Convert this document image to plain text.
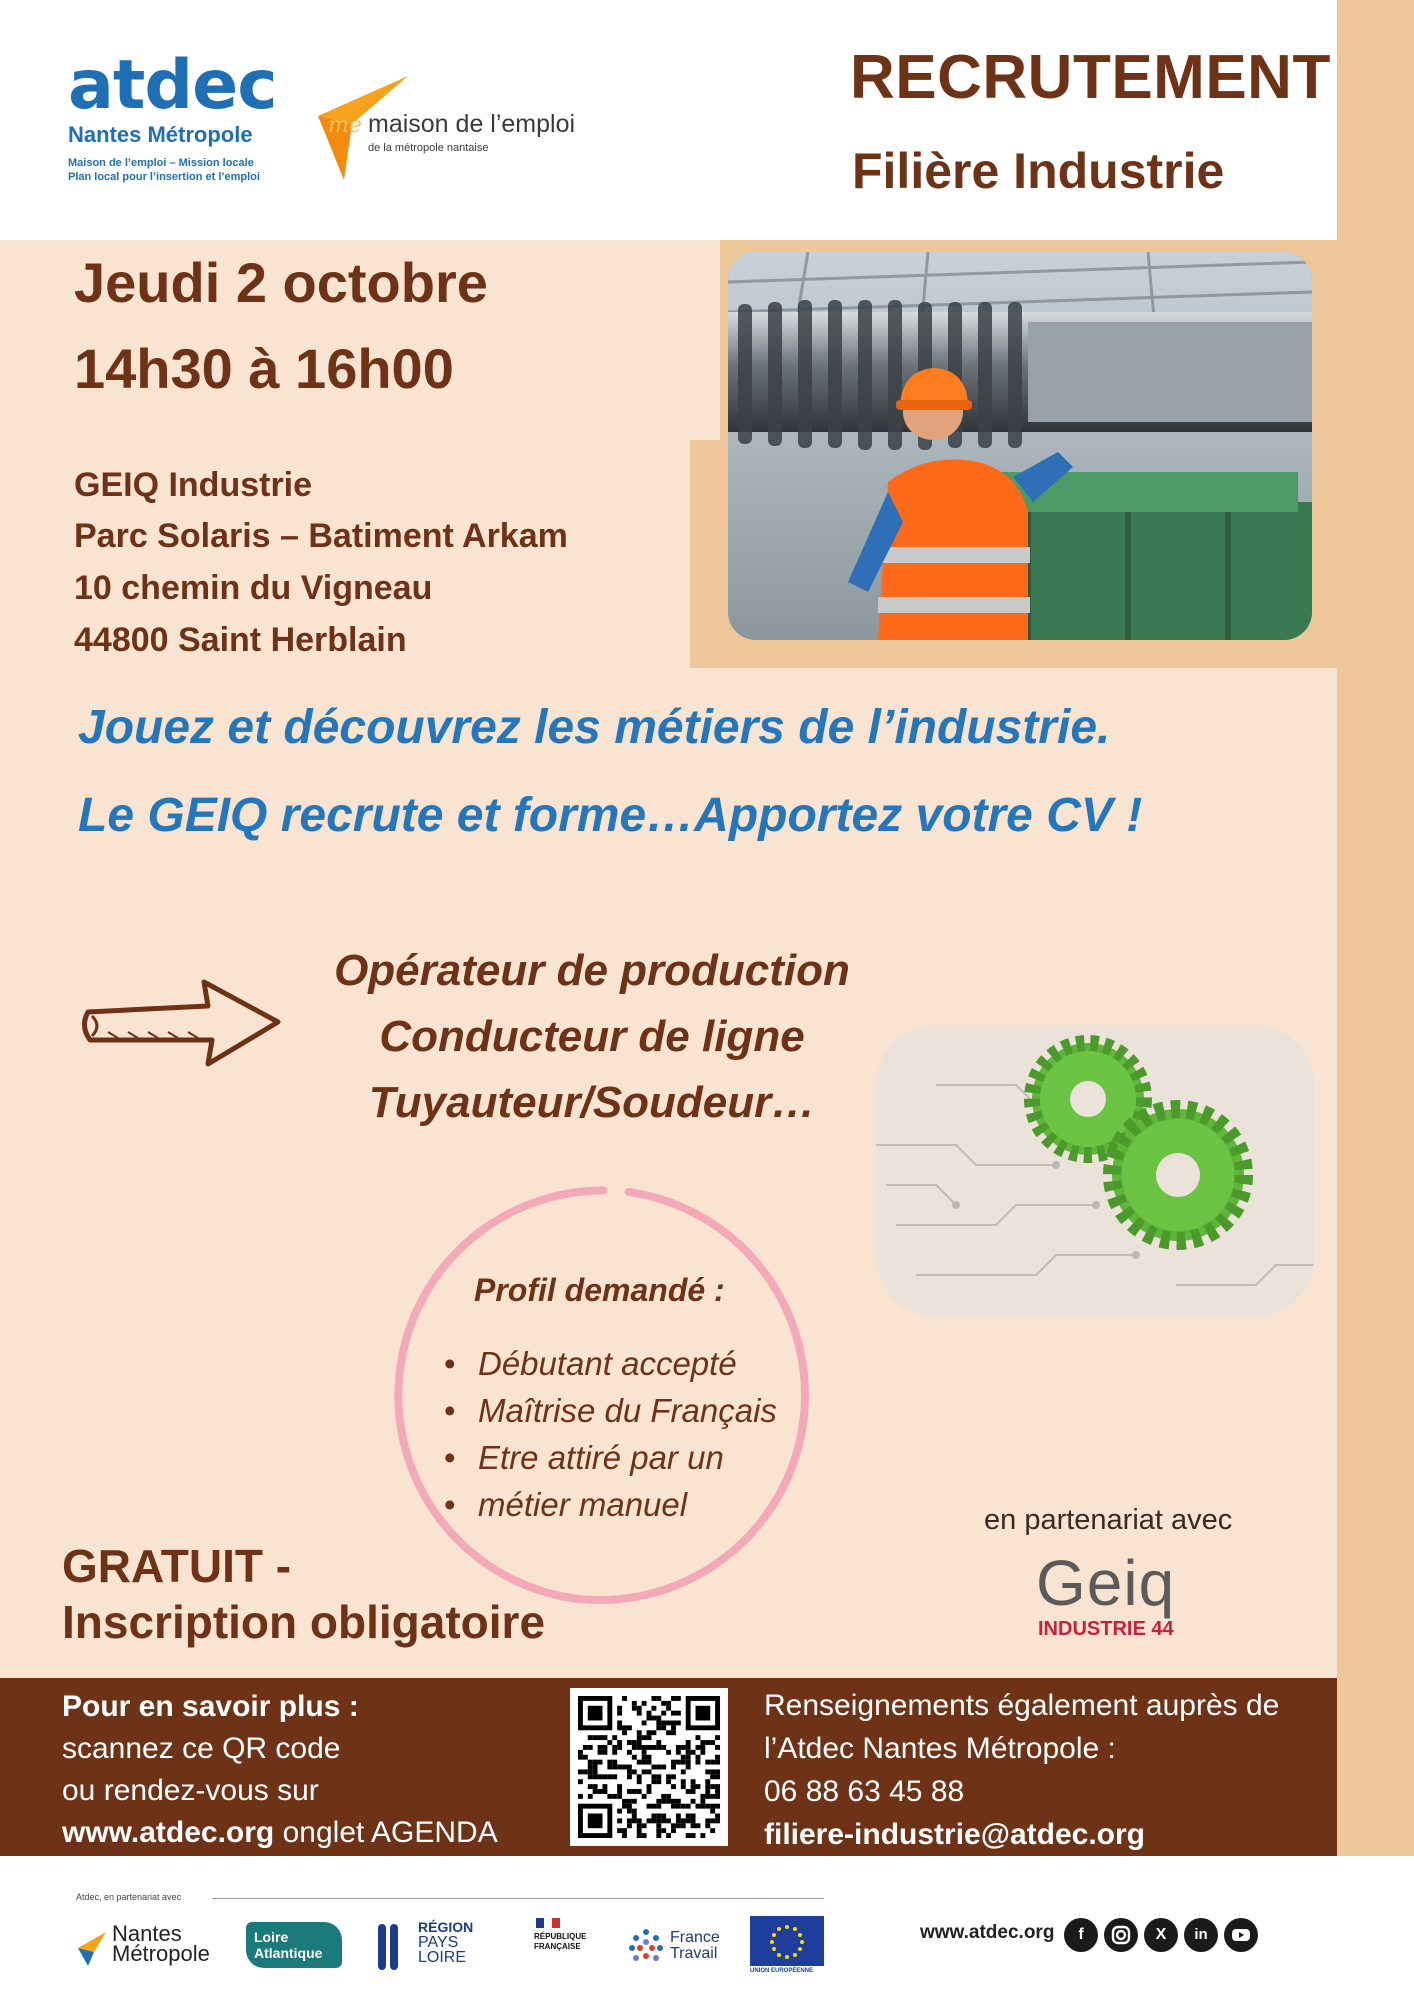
atdec
Nantes Métropole
Maison de l’emploi – Mission locale
Plan local pour l’insertion et l’emploi
me maison de l’emploi
de la métropole nantaise
RECRUTEMENT
Filière Industrie
Jeudi 2 octobre
14h30 à 16h00
GEIQ Industrie
Parc Solaris – Batiment Arkam
10 chemin du Vigneau
44800 Saint Herblain
Jouez et découvrez les métiers de l’industrie.
Le GEIQ recrute et forme…Apportez votre CV !
Opérateur de production
Conducteur de ligne
Tuyauteur/Soudeur…
Profil demandé :
• Débutant accepté
• Maîtrise du Français
• Etre attiré par un
• métier manuel
GRATUIT -
Inscription obligatoire
en partenariat avec
Geiq
INDUSTRIE 44
Pour en savoir plus :
scannez ce QR code
ou rendez-vous sur
www.atdec.org onglet AGENDA
Renseignements également auprès de
l’Atdec Nantes Métropole :
06 88 63 45 88
filiere-industrie@atdec.org
Atdec, en partenariat avec
Nantes Métropole
Loire Atlantique
RÉGION
PAYS
LOIRE
RÉPUBLIQUE FRANÇAISE
France Travail
UNION EUROPÉENNE
www.atdec.org	f	X	in
